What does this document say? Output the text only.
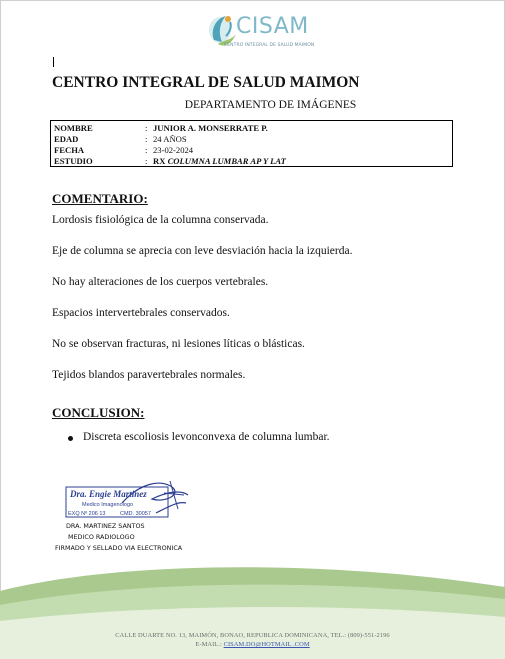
CISAM
CENTRO INTEGRAL DE SALUD MAIMON
CENTRO INTEGRAL DE SALUD MAIMON
DEPARTAMENTO DE IMÁGENES
NOMBRE	: JUNIOR A. MONSERRATE P.
EDAD	: 24 AÑOS
FECHA	: 23-02-2024
ESTUDIO	: RX COLUMNA LUMBAR AP Y LAT
COMENTARIO:
Lordosis fisiológica de la columna conservada.
Eje de columna se aprecia con leve desviación hacia la izquierda.
No hay alteraciones de los cuerpos vertebrales.
Espacios intervertebrales conservados.
No se observan fracturas, ni lesiones líticas o blásticas.
Tejidos blandos paravertebrales normales.
CONCLUSION:
Discreta escoliosis levonconvexa de columna lumbar.
Dra. Engie Martinez
Medico Imagenologo
EXQ Nº 206 13	CMD. 30057
DRA. MARTINEZ SANTOS
MEDICO RADIOLOGO
FIRMADO Y SELLADO VIA ELECTRONICA
CALLE DUARTE NO. 13, MAIMÓN, BONAO, REPUBLICA DOMINICANA, TEL.: (809)-551-2196
E-MAIL.: CISAM.DO@HOTMAIL .COM
